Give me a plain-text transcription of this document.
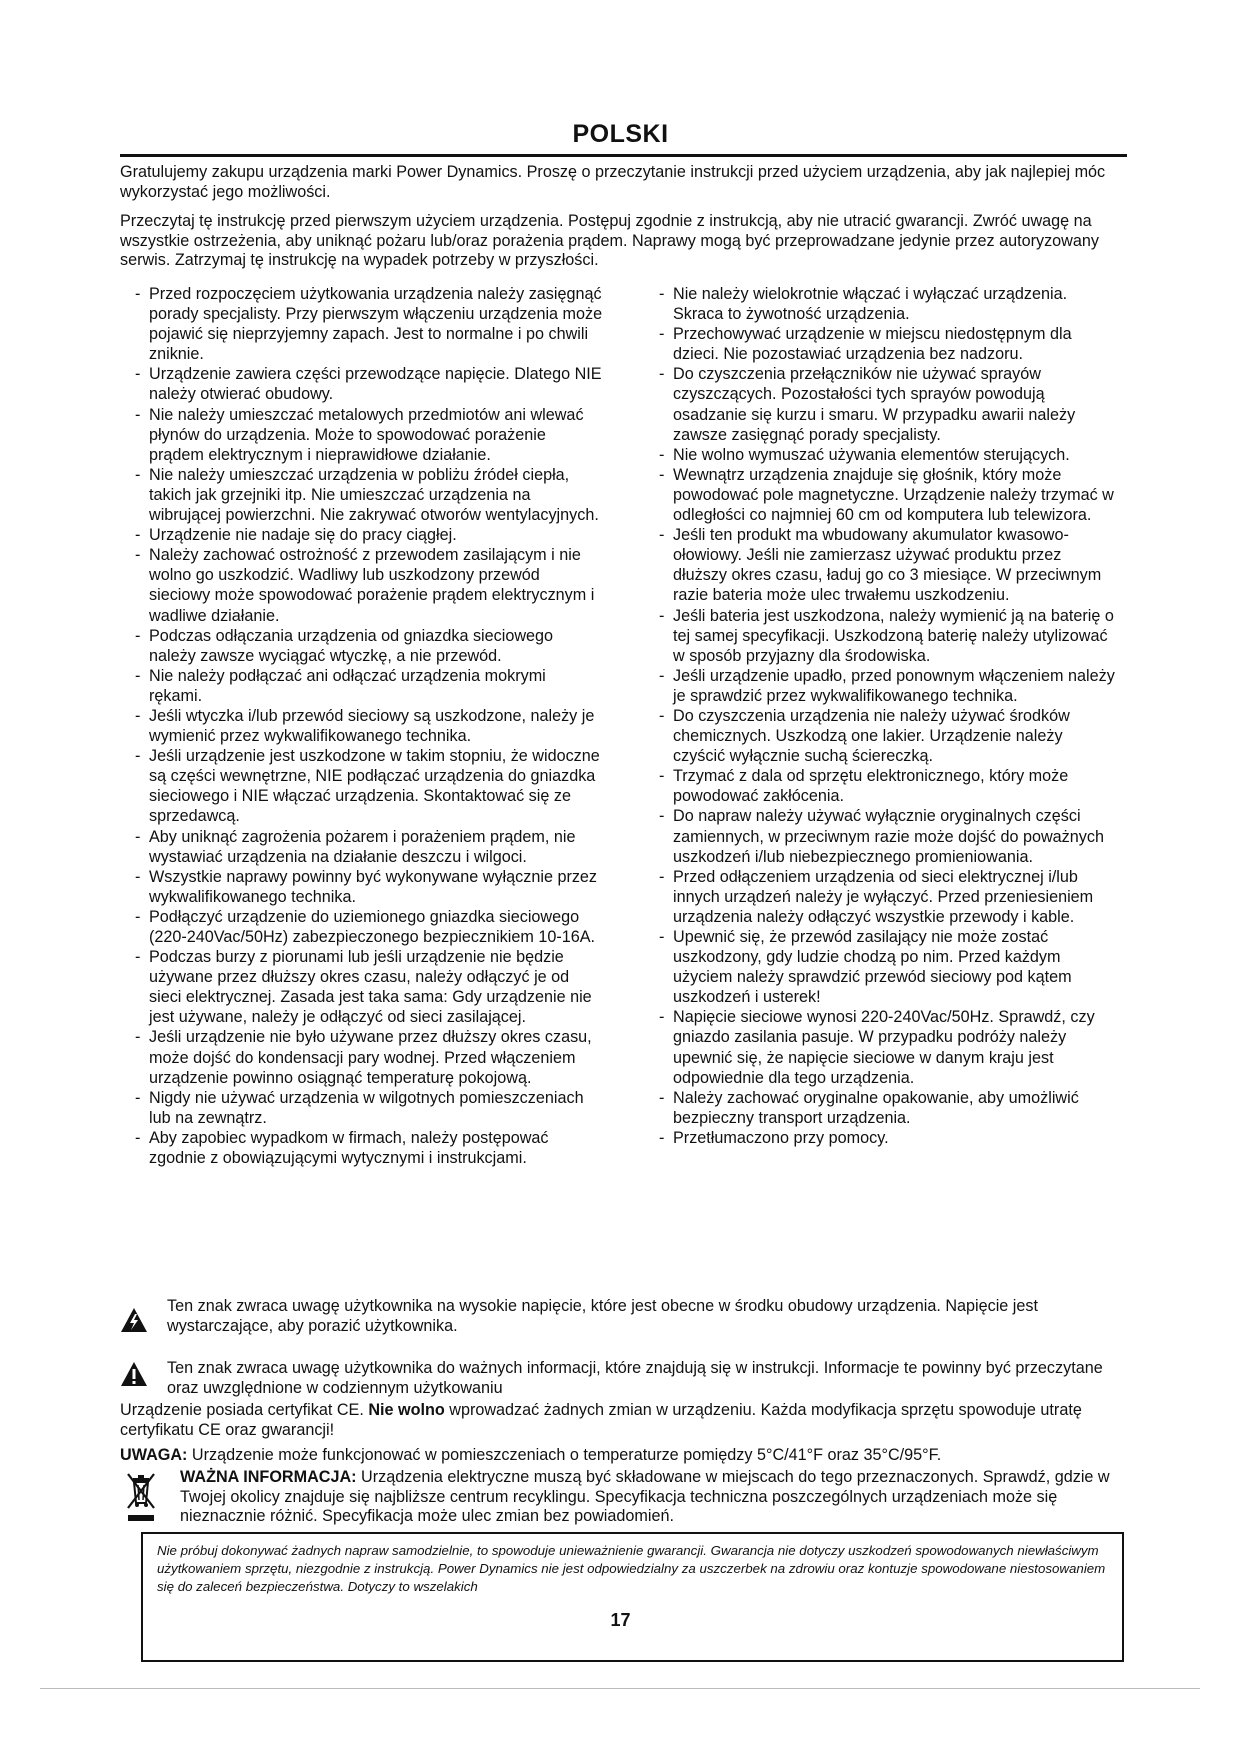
POLSKI

Gratulujemy zakupu urządzenia marki Power Dynamics. Proszę o przeczytanie instrukcji przed użyciem urządzenia, aby jak najlepiej móc wykorzystać jego możliwości.

Przeczytaj tę instrukcję przed pierwszym użyciem urządzenia. Postępuj zgodnie z instrukcją, aby nie utracić gwarancji. Zwróć uwagę na wszystkie ostrzeżenia, aby uniknąć pożaru lub/oraz porażenia prądem. Naprawy mogą być przeprowadzane jedynie przez autoryzowany serwis. Zatrzymaj tę instrukcję na wypadek potrzeby w przyszłości.

- Przed rozpoczęciem użytkowania urządzenia należy zasięgnąć porady specjalisty. Przy pierwszym włączeniu urządzenia może pojawić się nieprzyjemny zapach. Jest to normalne i po chwili zniknie.
- Urządzenie zawiera części przewodzące napięcie. Dlatego NIE należy otwierać obudowy.
- Nie należy umieszczać metalowych przedmiotów ani wlewać płynów do urządzenia. Może to spowodować porażenie prądem elektrycznym i nieprawidłowe działanie.
- Nie należy umieszczać urządzenia w pobliżu źródeł ciepła, takich jak grzejniki itp. Nie umieszczać urządzenia na wibrującej powierzchni. Nie zakrywać otworów wentylacyjnych.
- Urządzenie nie nadaje się do pracy ciągłej.
- Należy zachować ostrożność z przewodem zasilającym i nie wolno go uszkodzić. Wadliwy lub uszkodzony przewód sieciowy może spowodować porażenie prądem elektrycznym i wadliwe działanie.
- Podczas odłączania urządzenia od gniazdka sieciowego należy zawsze wyciągać wtyczkę, a nie przewód.
- Nie należy podłączać ani odłączać urządzenia mokrymi rękami.
- Jeśli wtyczka i/lub przewód sieciowy są uszkodzone, należy je wymienić przez wykwalifikowanego technika.
- Jeśli urządzenie jest uszkodzone w takim stopniu, że widoczne są części wewnętrzne, NIE podłączać urządzenia do gniazdka sieciowego i NIE włączać urządzenia. Skontaktować się ze sprzedawcą.
- Aby uniknąć zagrożenia pożarem i porażeniem prądem, nie wystawiać urządzenia na działanie deszczu i wilgoci.
- Wszystkie naprawy powinny być wykonywane wyłącznie przez wykwalifikowanego technika.
- Podłączyć urządzenie do uziemionego gniazdka sieciowego (220-240Vac/50Hz) zabezpieczonego bezpiecznikiem 10-16A.
- Podczas burzy z piorunami lub jeśli urządzenie nie będzie używane przez dłuższy okres czasu, należy odłączyć je od sieci elektrycznej. Zasada jest taka sama: Gdy urządzenie nie jest używane, należy je odłączyć od sieci zasilającej.
- Jeśli urządzenie nie było używane przez dłuższy okres czasu, może dojść do kondensacji pary wodnej. Przed włączeniem urządzenie powinno osiągnąć temperaturę pokojową.
- Nigdy nie używać urządzenia w wilgotnych pomieszczeniach lub na zewnątrz.
- Aby zapobiec wypadkom w firmach, należy postępować zgodnie z obowiązującymi wytycznymi i instrukcjami.
- Nie należy wielokrotnie włączać i wyłączać urządzenia. Skraca to żywotność urządzenia.
- Przechowywać urządzenie w miejscu niedostępnym dla dzieci. Nie pozostawiać urządzenia bez nadzoru.
- Do czyszczenia przełączników nie używać sprayów czyszczących. Pozostałości tych sprayów powodują osadzanie się kurzu i smaru. W przypadku awarii należy zawsze zasięgnąć porady specjalisty.
- Nie wolno wymuszać używania elementów sterujących.
- Wewnątrz urządzenia znajduje się głośnik, który może powodować pole magnetyczne. Urządzenie należy trzymać w odległości co najmniej 60 cm od komputera lub telewizora.
- Jeśli ten produkt ma wbudowany akumulator kwasowo-ołowiowy. Jeśli nie zamierzasz używać produktu przez dłuższy okres czasu, ładuj go co 3 miesiące. W przeciwnym razie bateria może ulec trwałemu uszkodzeniu.
- Jeśli bateria jest uszkodzona, należy wymienić ją na baterię o tej samej specyfikacji. Uszkodzoną baterię należy utylizować w sposób przyjazny dla środowiska.
- Jeśli urządzenie upadło, przed ponownym włączeniem należy je sprawdzić przez wykwalifikowanego technika.
- Do czyszczenia urządzenia nie należy używać środków chemicznych. Uszkodzą one lakier. Urządzenie należy czyścić wyłącznie suchą ściereczką.
- Trzymać z dala od sprzętu elektronicznego, który może powodować zakłócenia.
- Do napraw należy używać wyłącznie oryginalnych części zamiennych, w przeciwnym razie może dojść do poważnych uszkodzeń i/lub niebezpiecznego promieniowania.
- Przed odłączeniem urządzenia od sieci elektrycznej i/lub innych urządzeń należy je wyłączyć. Przed przeniesieniem urządzenia należy odłączyć wszystkie przewody i kable.
- Upewnić się, że przewód zasilający nie może zostać uszkodzony, gdy ludzie chodzą po nim. Przed każdym użyciem należy sprawdzić przewód sieciowy pod kątem uszkodzeń i usterek!
- Napięcie sieciowe wynosi 220-240Vac/50Hz. Sprawdź, czy gniazdo zasilania pasuje. W przypadku podróży należy upewnić się, że napięcie sieciowe w danym kraju jest odpowiednie dla tego urządzenia.
- Należy zachować oryginalne opakowanie, aby umożliwić bezpieczny transport urządzenia.
- Przetłumaczono przy pomocy.
Ten znak zwraca uwagę użytkownika na wysokie napięcie, które jest obecne w środku obudowy urządzenia. Napięcie jest wystarczające, aby porazić użytkownika.
Ten znak zwraca uwagę użytkownika do ważnych informacji, które znajdują się w instrukcji. Informacje te powinny być przeczytane oraz uwzględnione w codziennym użytkowaniu

Urządzenie posiada certyfikat CE. Nie wolno wprowadzać żadnych zmian w urządzeniu. Każda modyfikacja sprzętu spowoduje utratę certyfikatu CE oraz gwarancji!

UWAGA: Urządzenie może funkcjonować w pomieszczeniach o temperaturze pomiędzy 5°C/41°F oraz 35°C/95°F.

WAŻNA INFORMACJA: Urządzenia elektryczne muszą być składowane w miejscach do tego przeznaczonych. Sprawdź, gdzie w Twojej okolicy znajduje się najbliższe centrum recyklingu. Specyfikacja techniczna poszczególnych urządzeniach może się nieznacznie różnić. Specyfikacja może ulec zmian bez powiadomień.
Nie próbuj dokonywać żadnych napraw samodzielnie, to spowoduje unieważnienie gwarancji. Gwarancja nie dotyczy uszkodzeń spowodowanych niewłaściwym użytkowaniem sprzętu, niezgodnie z instrukcją. Power Dynamics nie jest odpowiedzialny za uszczerbek na zdrowiu oraz kontuzje spowodowane niestosowaniem się do zaleceń bezpieczeństwa. Dotyczy to wszelakich
17
